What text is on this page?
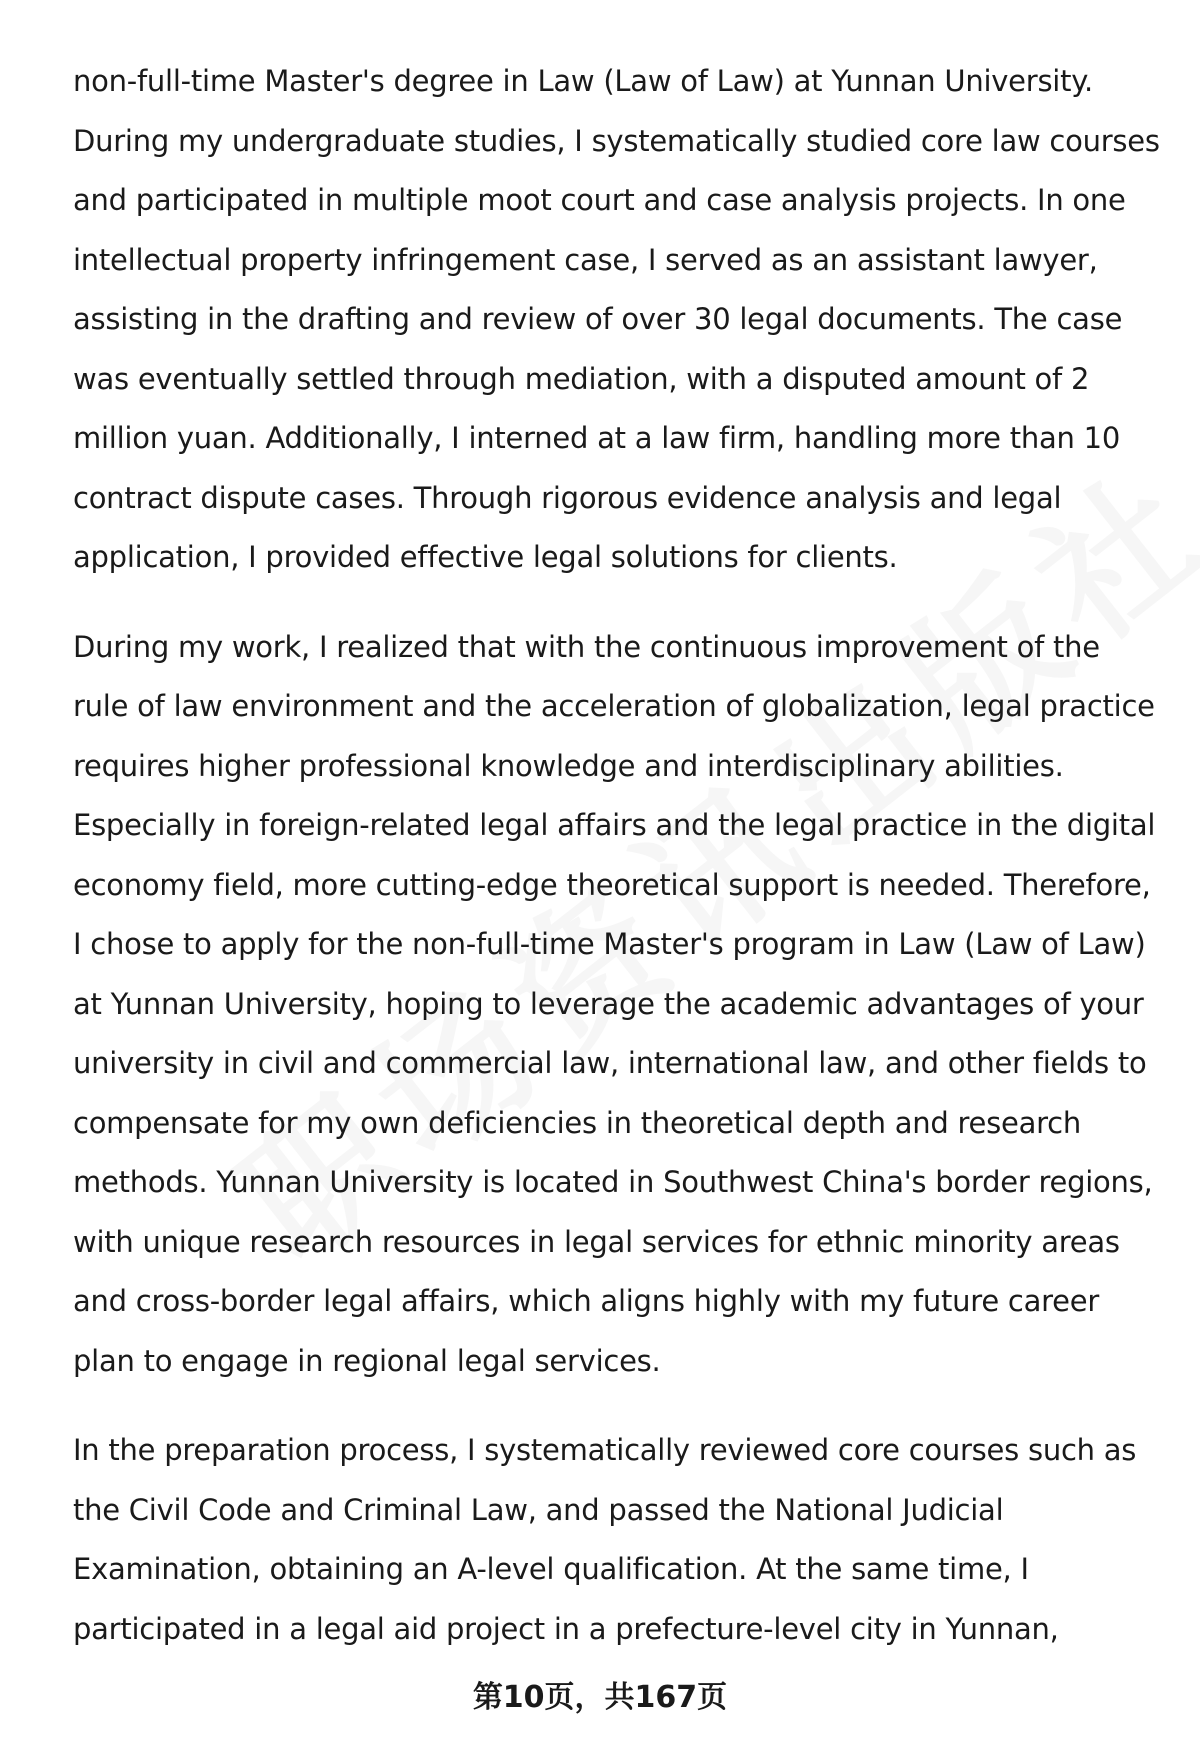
non-full-time Master's degree in Law (Law of Law) at Yunnan University.
During my undergraduate studies, I systematically studied core law courses
and participated in multiple moot court and case analysis projects. In one
intellectual property infringement case, I served as an assistant lawyer,
assisting in the drafting and review of over 30 legal documents. The case
was eventually settled through mediation, with a disputed amount of 2
million yuan. Additionally, I interned at a law firm, handling more than 10
contract dispute cases. Through rigorous evidence analysis and legal
application, I provided effective legal solutions for clients.

During my work, I realized that with the continuous improvement of the
rule of law environment and the acceleration of globalization, legal practice
requires higher professional knowledge and interdisciplinary abilities.
Especially in foreign-related legal affairs and the legal practice in the digital
economy field, more cutting-edge theoretical support is needed. Therefore,
I chose to apply for the non-full-time Master's program in Law (Law of Law)
at Yunnan University, hoping to leverage the academic advantages of your
university in civil and commercial law, international law, and other fields to
compensate for my own deficiencies in theoretical depth and research
methods. Yunnan University is located in Southwest China's border regions,
with unique research resources in legal services for ethnic minority areas
and cross-border legal affairs, which aligns highly with my future career
plan to engage in regional legal services.

In the preparation process, I systematically reviewed core courses such as
the Civil Code and Criminal Law, and passed the National Judicial
Examination, obtaining an A-level qualification. At the same time, I
participated in a legal aid project in a prefecture-level city in Yunnan,

第10页，共167页
